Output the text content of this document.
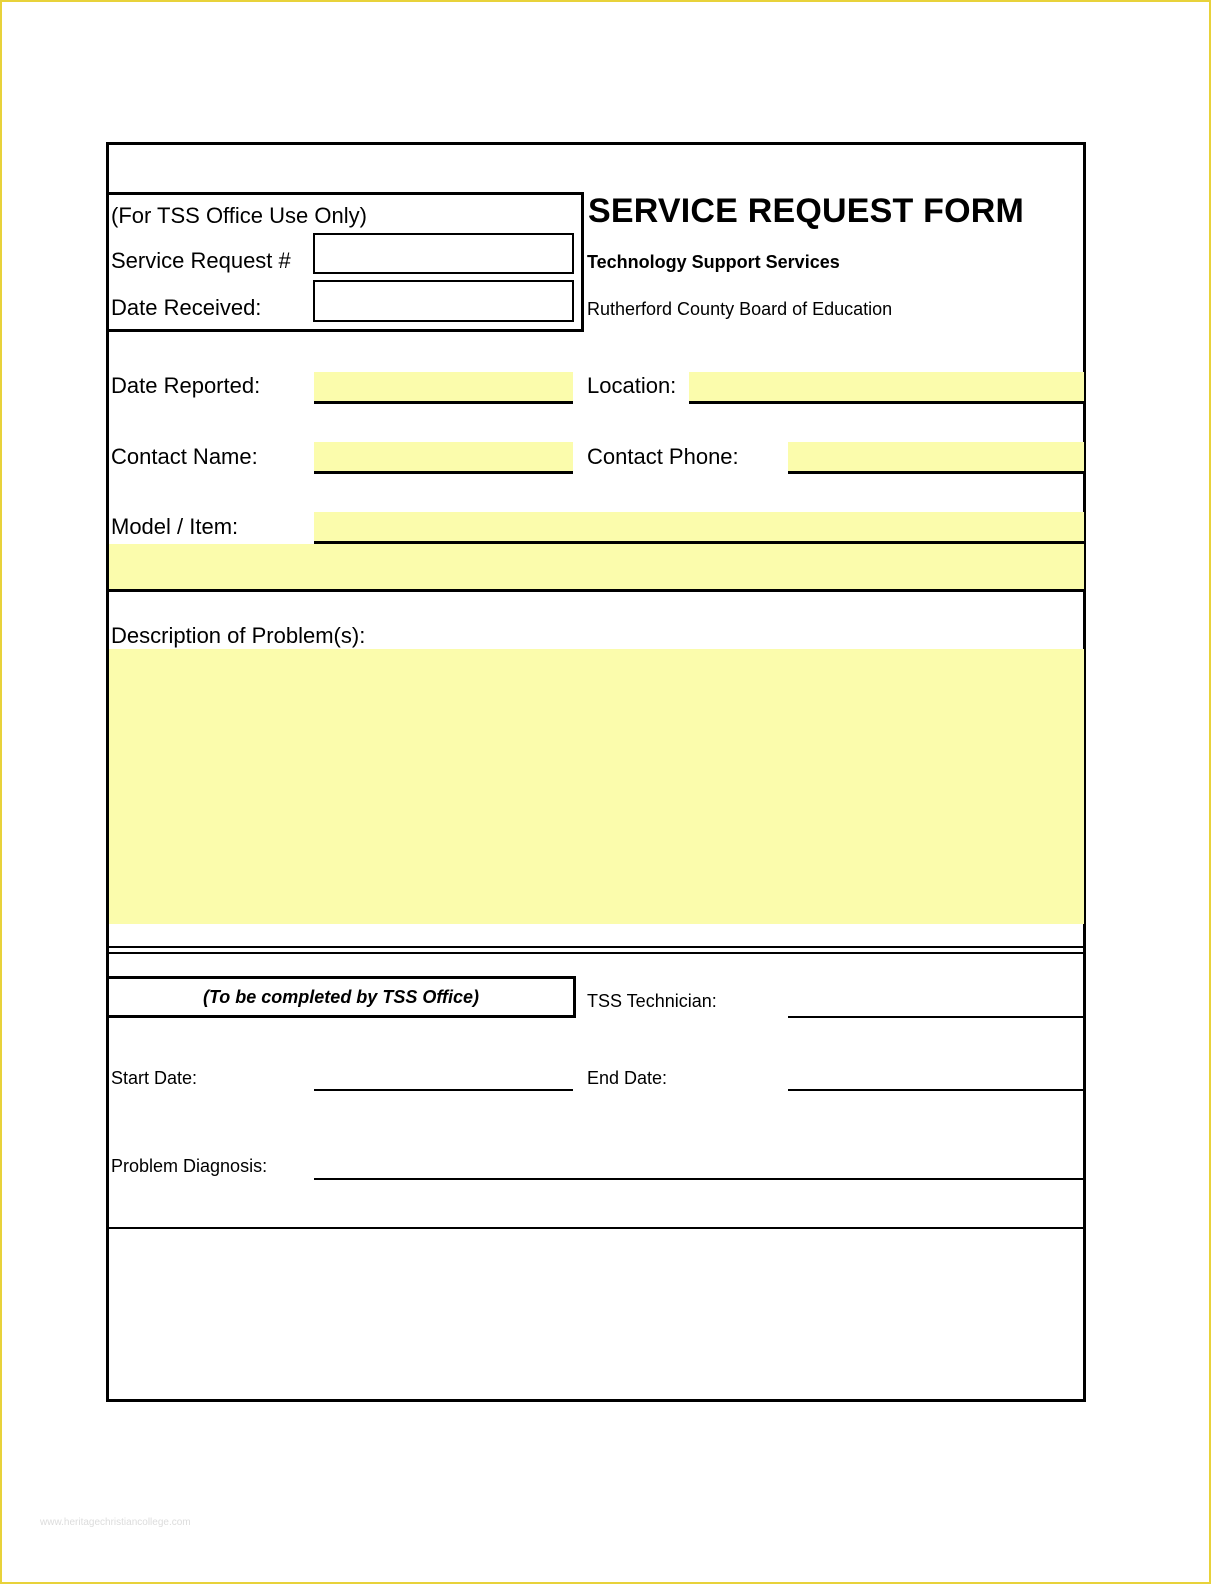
(For TSS Office Use Only)
Service Request #
Date Received:
SERVICE REQUEST FORM
Technology Support Services
Rutherford County Board of Education
Date Reported:	Location:
Contact Name:	Contact Phone:
Model / Item:
Description of Problem(s):
(To be completed by TSS Office)	TSS Technician:
Start Date:	End Date:
Problem Diagnosis:
www.heritagechristiancollege.com
